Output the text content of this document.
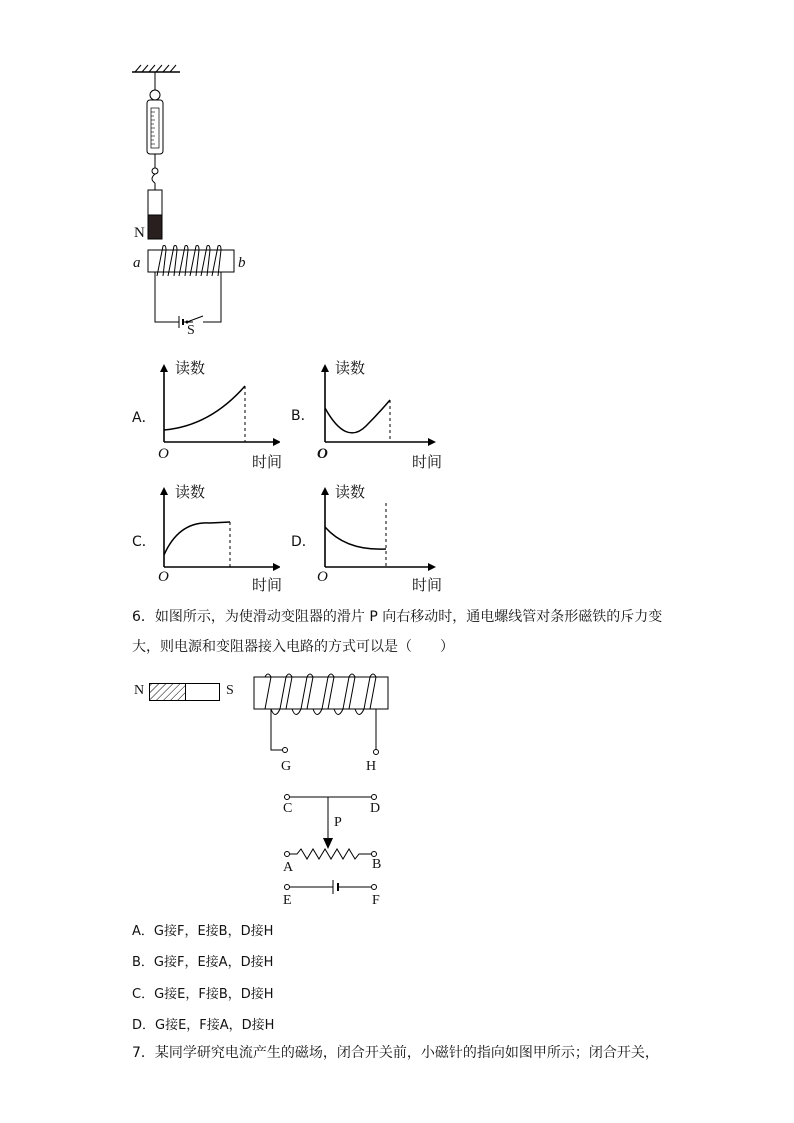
N
a	b
S
A．
读数
O	时间
B．
读数
O	时间
C．
读数
O	时间
D．
读数
O	时间
6．如图所示，为使滑动变阻器的滑片 P 向右移动时，通电螺线管对条形磁铁的斥力变
大，则电源和变阻器接入电路的方式可以是（　　）
N	S
G	H
C	D
P
A	B
E	F
A．G接F，E接B，D接H
B．G接F，E接A，D接H
C．G接E，F接B，D接H
D．G接E，F接A，D接H
7．某同学研究电流产生的磁场，闭合开关前，小磁针的指向如图甲所示；闭合开关，
